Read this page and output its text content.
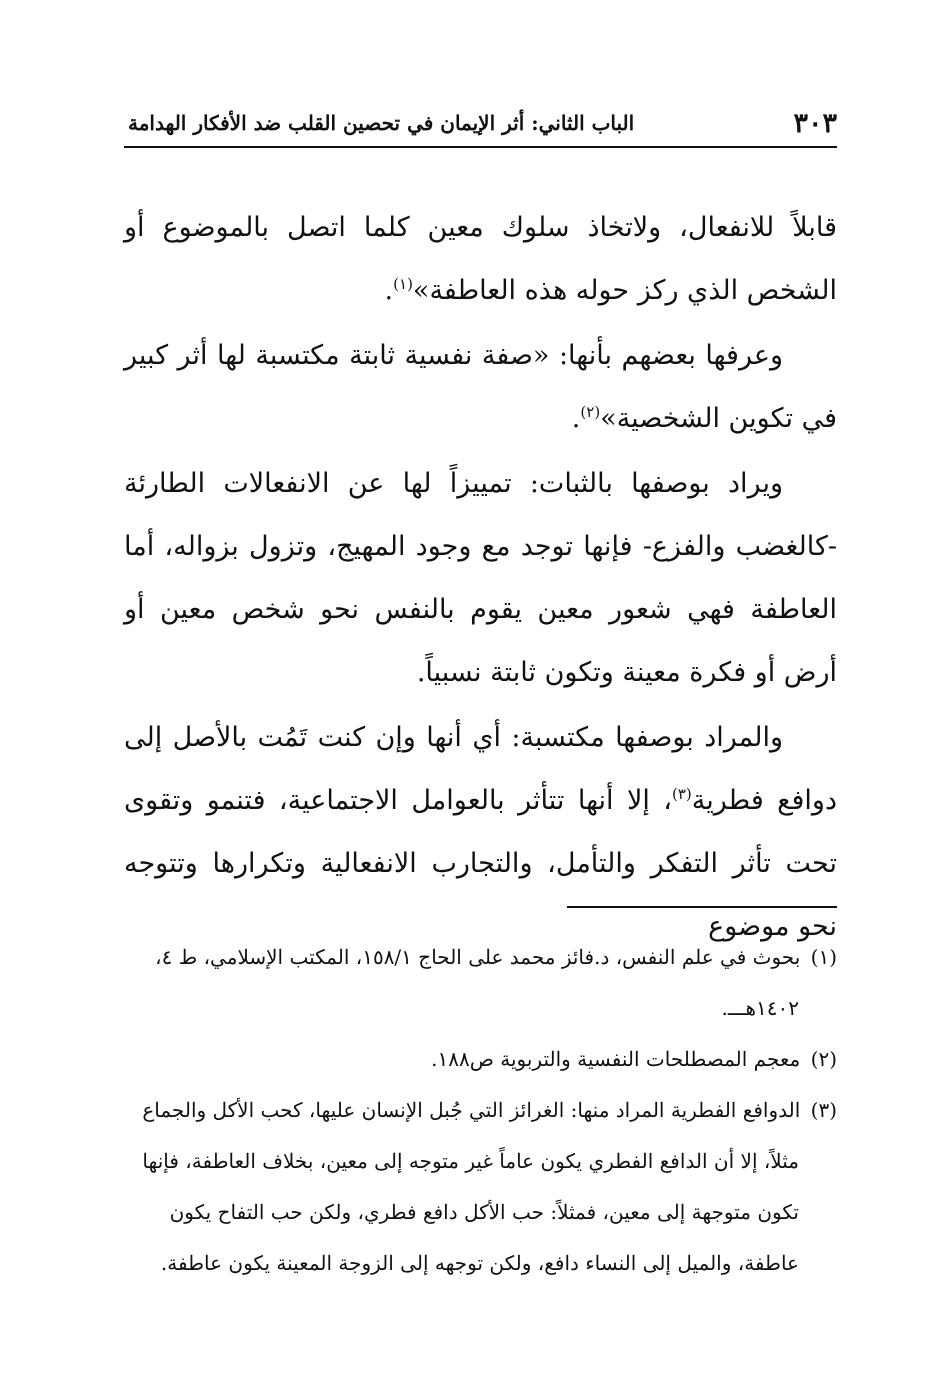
٣٠٣
الباب الثاني: أثر الإيمان في تحصين القلب ضد الأفكار الهدامة

قابلاً للانفعال، ولاتخاذ سلوك معين كلما اتصل بالموضوع أو الشخص الذي ركز حوله هذه العاطفة»$^{(١)}$.

وعرفها بعضهم بأنها: «صفة نفسية ثابتة مكتسبة لها أثر كبير في تكوين الشخصية»$^{(٢)}$.

ويراد بوصفها بالثبات: تمييزاً لها عن الانفعالات الطارئة -كالغضب والفزع- فإنها توجد مع وجود المهيج، وتزول بزواله، أما العاطفة فهي شعور معين يقوم بالنفس نحو شخص معين أو أرض أو فكرة معينة وتكون ثابتة نسبياً.

والمراد بوصفها مكتسبة: أي أنها وإن كنت تَمُت بالأصل إلى دوافع فطرية$^{(٣)}$، إلا أنها تتأثر بالعوامل الاجتماعية، فتنمو وتقوى تحت تأثر التفكر والتأمل، والتجارب الانفعالية وتكرارها وتتوجه نحو موضوع

(١) بحوث في علم النفس، د.فائز محمد على الحاج ١٥٨/١، المكتب الإسلامي، ط ٤،

١٤٠٢هـــ.

(٢) معجم المصطلحات النفسية والتربوية ص١٨٨.

(٣) الدوافع الفطرية المراد منها: الغرائز التي جُبل الإنسان عليها، كحب الأكل والجماع

مثلاً، إلا أن الدافع الفطري يكون عاماً غير متوجه إلى معين، بخلاف العاطفة، فإنها

تكون متوجهة إلى معين، فمثلاً: حب الأكل دافع فطري، ولكن حب التفاح يكون

عاطفة، والميل إلى النساء دافع، ولكن توجهه إلى الزوجة المعينة يكون عاطفة.
